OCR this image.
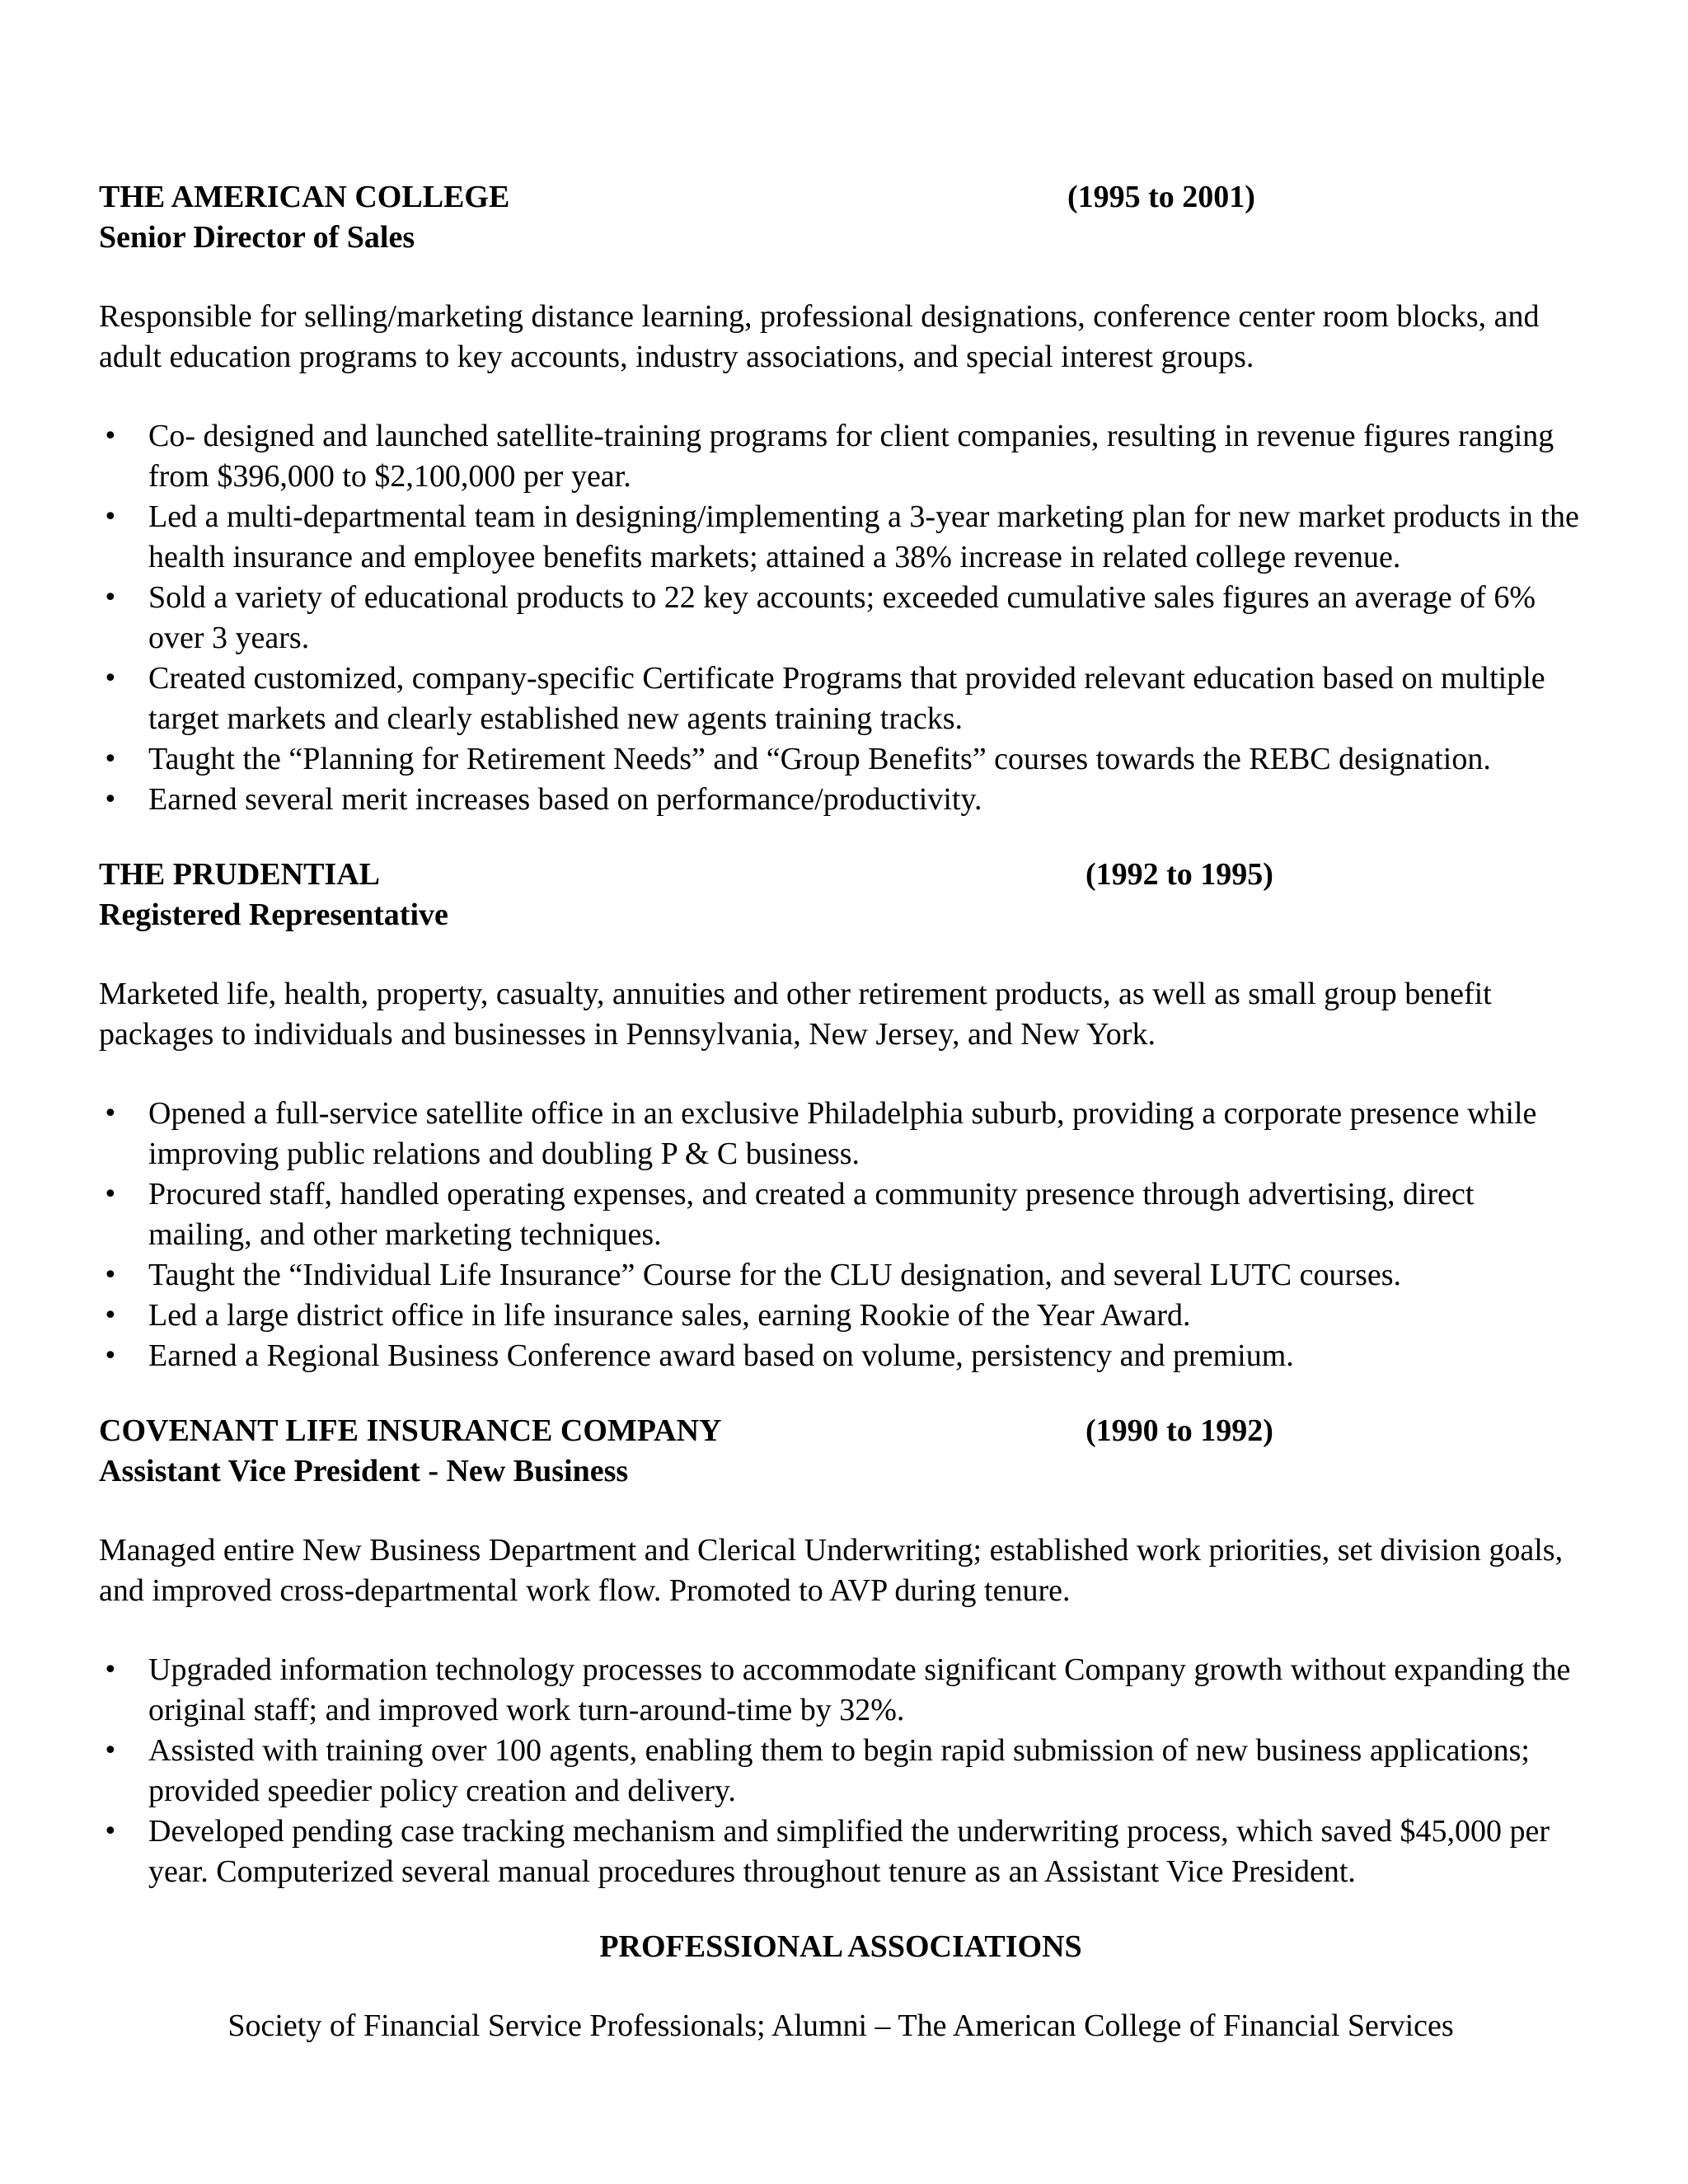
THE AMERICAN COLLEGE	(1995 to 2001)

Senior Director of Sales

Responsible for selling/marketing distance learning, professional designations, conference center room blocks, and adult education programs to key accounts, industry associations, and special interest groups.

• Co- designed and launched satellite-training programs for client companies, resulting in revenue figures ranging from $396,000 to $2,100,000 per year.
• Led a multi-departmental team in designing/implementing a 3-year marketing plan for new market products in the health insurance and employee benefits markets; attained a 38% increase in related college revenue.
• Sold a variety of educational products to 22 key accounts; exceeded cumulative sales figures an average of 6% over 3 years.
• Created customized, company-specific Certificate Programs that provided relevant education based on multiple target markets and clearly established new agents training tracks.
• Taught the “Planning for Retirement Needs” and “Group Benefits” courses towards the REBC designation.
• Earned several merit increases based on performance/productivity.
THE PRUDENTIAL	(1992 to 1995)

Registered Representative

Marketed life, health, property, casualty, annuities and other retirement products, as well as small group benefit packages to individuals and businesses in Pennsylvania, New Jersey, and New York.

• Opened a full-service satellite office in an exclusive Philadelphia suburb, providing a corporate presence while improving public relations and doubling P & C business.
• Procured staff, handled operating expenses, and created a community presence through advertising, direct mailing, and other marketing techniques.
• Taught the “Individual Life Insurance” Course for the CLU designation, and several LUTC courses.
• Led a large district office in life insurance sales, earning Rookie of the Year Award.
• Earned a Regional Business Conference award based on volume, persistency and premium.
COVENANT LIFE INSURANCE COMPANY	(1990 to 1992)

Assistant Vice President - New Business

Managed entire New Business Department and Clerical Underwriting; established work priorities, set division goals, and improved cross-departmental work flow. Promoted to AVP during tenure.

• Upgraded information technology processes to accommodate significant Company growth without expanding the original staff; and improved work turn-around-time by 32%.
• Assisted with training over 100 agents, enabling them to begin rapid submission of new business applications; provided speedier policy creation and delivery.
• Developed pending case tracking mechanism and simplified the underwriting process, which saved $45,000 per year. Computerized several manual procedures throughout tenure as an Assistant Vice President.
PROFESSIONAL ASSOCIATIONS
Society of Financial Service Professionals; Alumni – The American College of Financial Services
